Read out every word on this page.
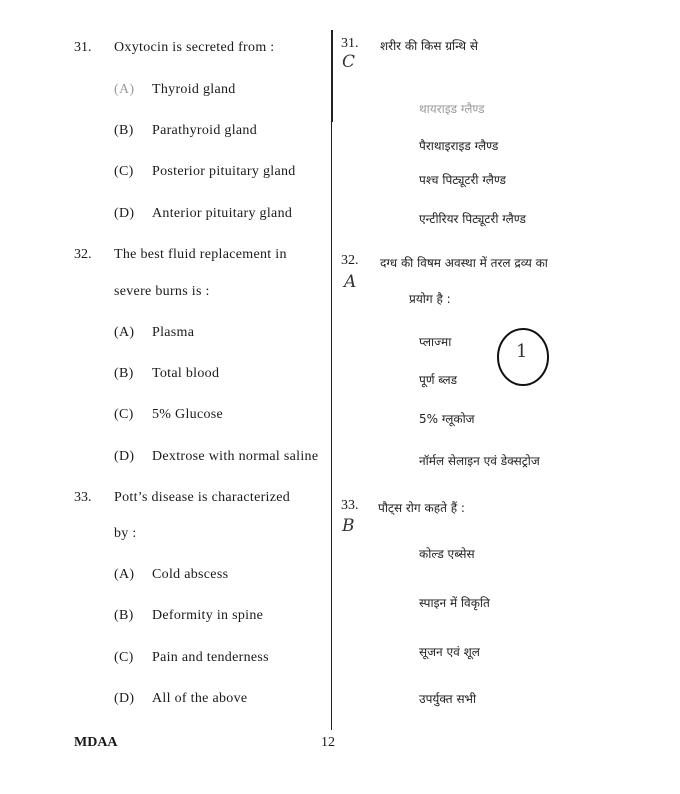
31. Oxytocin is secreted from :
(A) Thyroid gland
(B) Parathyroid gland
(C) Posterior pituitary gland
(D) Anterior pituitary gland
32. The best fluid replacement in
severe burns is :
(A) Plasma
(B) Total blood
(C) 5% Glucose
(D) Dextrose with normal saline
33. Pott’s disease is characterized
by :
(A) Cold abscess
(B) Deformity in spine
(C) Pain and tenderness
(D) All of the above
31. शरीर की किस ग्रन्थि से
C
थायराइड ग्लैण्ड
पैराथाइराइड ग्लैण्ड
पश्च पिट्यूटरी ग्लैण्ड
एन्टीरियर पिट्यूटरी ग्लैण्ड
32. दग्ध की विषम अवस्था में तरल द्रव्य का
A
प्रयोग है :
प्लाज्मा
पूर्ण ब्लड
5% ग्लूकोज
नॉर्मल सेलाइन एवं डेक्सट्रोज
1
33. पौट्स रोग कहते हैं :
B
कोल्ड एब्सेस
स्पाइन में विकृति
सूजन एवं शूल
उपर्युक्त सभी
MDAA	12
